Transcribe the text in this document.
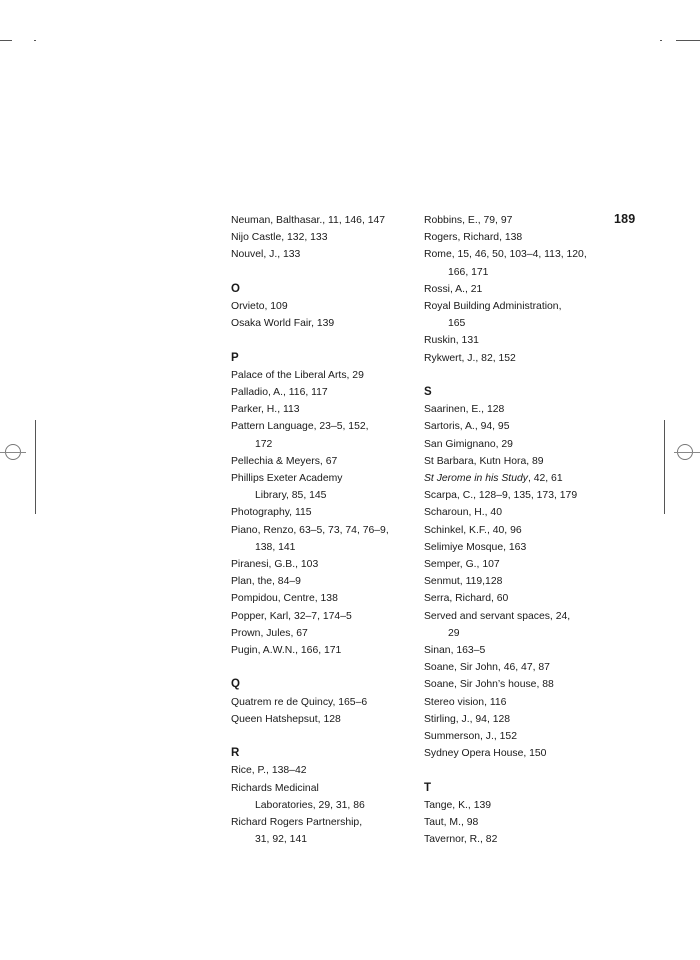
189
Neuman, Balthasar., 11, 146, 147
Nijo Castle, 132, 133
Nouvel, J., 133
O
Orvieto, 109
Osaka World Fair, 139
P
Palace of the Liberal Arts, 29
Palladio, A., 116, 117
Parker, H., 113
Pattern Language, 23–5, 152,
172
Pellechia & Meyers, 67
Phillips Exeter Academy
Library, 85, 145
Photography, 115
Piano, Renzo, 63–5, 73, 74, 76–9,
138, 141
Piranesi, G.B., 103
Plan, the, 84–9
Pompidou, Centre, 138
Popper, Karl, 32–7, 174–5
Prown, Jules, 67
Pugin, A.W.N., 166, 171
Q
Quatrem re de Quincy, 165–6
Queen Hatshepsut, 128
R
Rice, P., 138–42
Richards Medicinal
Laboratories, 29, 31, 86
Richard Rogers Partnership,
31, 92, 141
Robbins, E., 79, 97
Rogers, Richard, 138
Rome, 15, 46, 50, 103–4, 113, 120,
166, 171
Rossi, A., 21
Royal Building Administration,
165
Ruskin, 131
Rykwert, J., 82, 152
S
Saarinen, E., 128
Sartoris, A., 94, 95
San Gimignano, 29
St Barbara, Kutn Hora, 89
St Jerome in his Study, 42, 61
Scarpa, C., 128–9, 135, 173, 179
Scharoun, H., 40
Schinkel, K.F., 40, 96
Selimiye Mosque, 163
Semper, G., 107
Senmut, 119,128
Serra, Richard, 60
Served and servant spaces, 24,
29
Sinan, 163–5
Soane, Sir John, 46, 47, 87
Soane, Sir John’s house, 88
Stereo vision, 116
Stirling, J., 94, 128
Summerson, J., 152
Sydney Opera House, 150
T
Tange, K., 139
Taut, M., 98
Tavernor, R., 82
